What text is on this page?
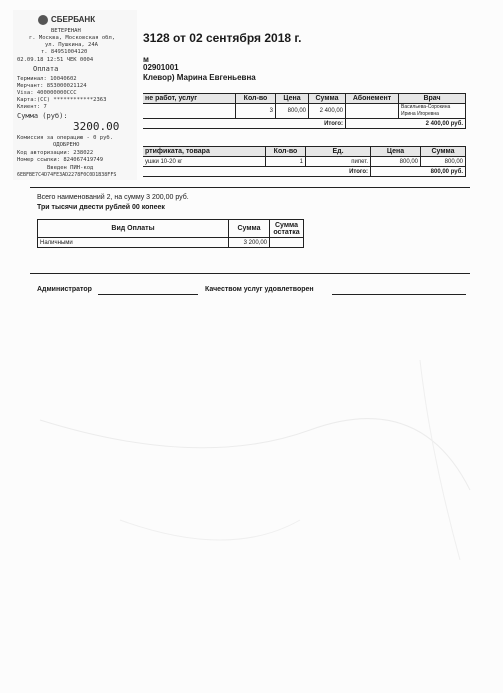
СБЕРБАНК
ВЕТЕРЕНАН
г. Москва, Московская обл,
ул. Пушкина, 24А
т. 84951004120
02.09.18 12:51 ЧЕК 0004
Оплата
Терминал: 10040602
Мерчант: 853000021124
Visa: 400000000ССС
Карта:(СС) ************2363
Клиент: 7
Сумма (руб):
3200.00
Комиссия за операцию - 0 руб.
ОДОБРЕНО
Код авторизации: 238022
Номер ссылки: 824067419749
Введен ПИН-код
6EBFBE7C4D74FE3AD2278F0C0D1B38FFS
3128 от 02 сентября 2018 г.
м
02901001
Клевор) Марина Евгеньевна
не работ, услуг	Кол-во	Цена	Сумма	Абонемент	Врач
	3	800,00	2 400,00		Васильева-Сорокина Ирина Игоревна
Итого:				2 400,00 руб.	
ртификата, товара	Кол-во	Ед.	Цена	Сумма
ушки 10-20 кг	1	пипет.	800,00	800,00
Итого:			800,00 руб.	
Всего наименований 2, на сумму 3 200,00 руб.
Три тысячи двести рублей 00 копеек
Вид Оплаты	Сумма	Сумма остатка
Наличными	3 200,00	
Администратор	Качеством услуг удовлетворен
